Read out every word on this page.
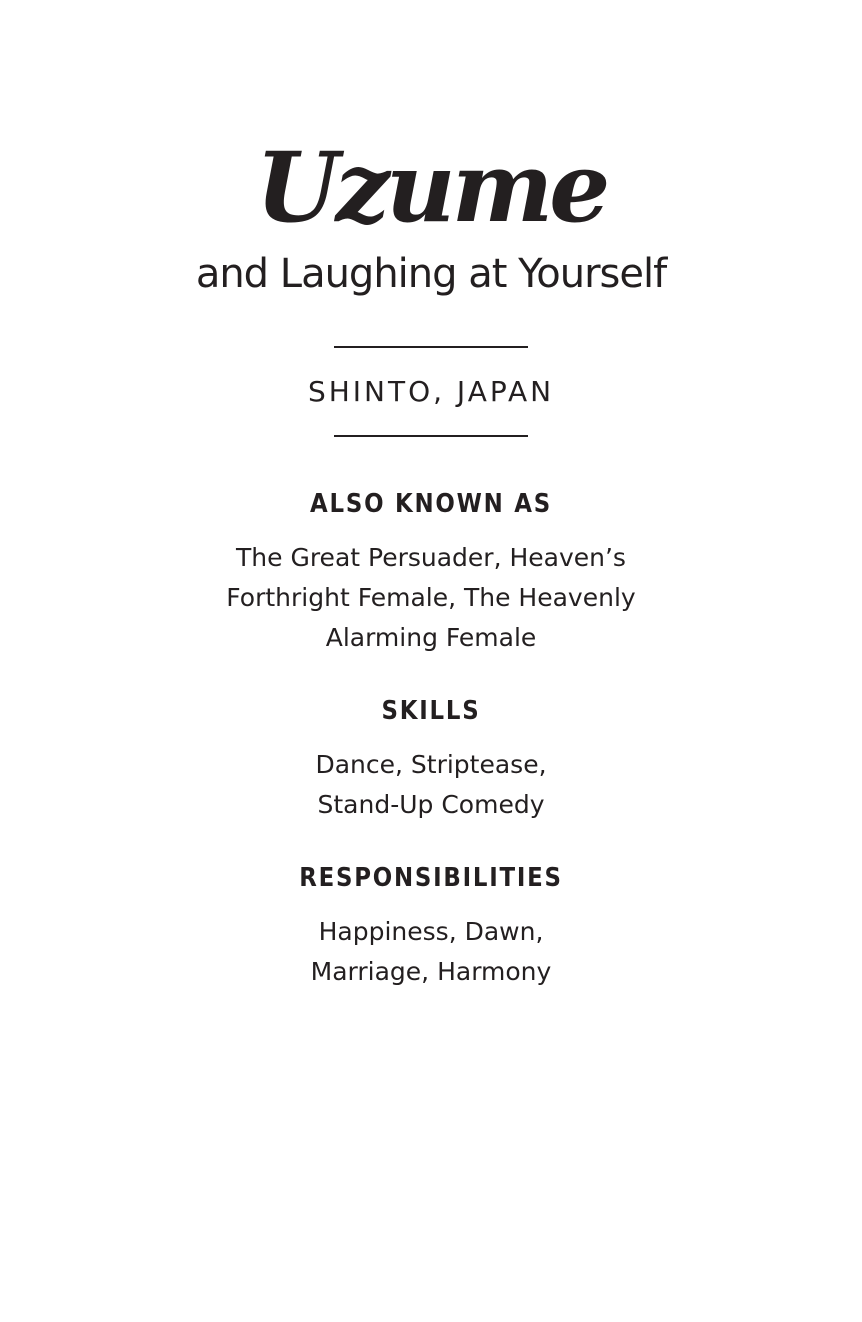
Uzume
and Laughing at Yourself
SHINTO, JAPAN
ALSO KNOWN AS
The Great Persuader, Heaven’s
Forthright Female, The Heavenly
Alarming Female
SKILLS
Dance, Striptease,
Stand-Up Comedy
RESPONSIBILITIES
Happiness, Dawn,
Marriage, Harmony
